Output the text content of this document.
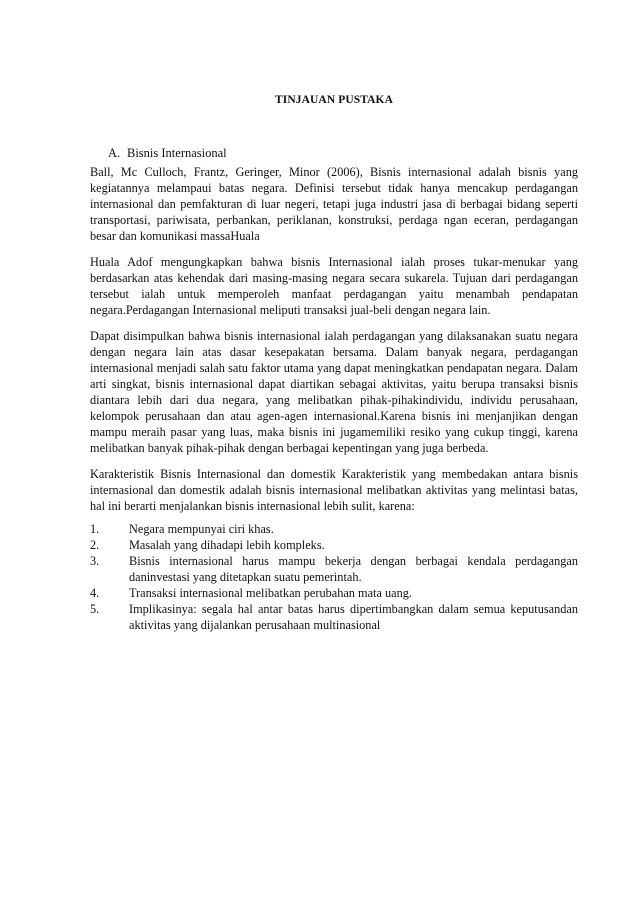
TINJAUAN PUSTAKA
A. Bisnis Internasional

Ball, Mc Culloch, Frantz, Geringer, Minor (2006), Bisnis internasional adalah bisnis yang kegiatannya melampaui batas negara. Definisi tersebut tidak hanya mencakup perdagangan internasional dan pemfakturan di luar negeri, tetapi juga industri jasa di berbagai bidang seperti transportasi, pariwisata, perbankan, periklanan, konstruksi, perdaga ngan eceran, perdagangan besar dan komunikasi massaHuala

Huala Adof mengungkapkan bahwa bisnis Internasional ialah proses tukar-menukar yang berdasarkan atas kehendak dari masing-masing negara secara sukarela. Tujuan dari perdagangan tersebut ialah untuk memperoleh manfaat perdagangan yaitu menambah pendapatan negara.Perdagangan Internasional meliputi transaksi jual-beli dengan negara lain.

Dapat disimpulkan bahwa bisnis internasional ialah perdagangan yang dilaksanakan suatu negara dengan negara lain atas dasar kesepakatan bersama. Dalam banyak negara, perdagangan internasional menjadi salah satu faktor utama yang dapat meningkatkan pendapatan negara. Dalam arti singkat, bisnis internasional dapat diartikan sebagai aktivitas, yaitu berupa transaksi bisnis diantara lebih dari dua negara, yang melibatkan pihak-pihakindividu, individu perusahaan, kelompok perusahaan dan atau agen-agen internasional.Karena bisnis ini menjanjikan dengan mampu meraih pasar yang luas, maka bisnis ini jugamemiliki resiko yang cukup tinggi, karena melibatkan banyak pihak-pihak dengan berbagai kepentingan yang juga berbeda.

Karakteristik Bisnis Internasional dan domestik Karakteristik yang membedakan antara bisnis internasional dan domestik adalah bisnis internasional melibatkan aktivitas yang melintasi batas, hal ini berarti menjalankan bisnis internasional lebih sulit, karena:

1.	Negara mempunyai ciri khas.
2.	Masalah yang dihadapi lebih kompleks.
3.	Bisnis internasional harus mampu bekerja dengan berbagai kendala perdagangan daninvestasi yang ditetapkan suatu pemerintah.
4.	Transaksi internasional melibatkan perubahan mata uang.
5.	Implikasinya: segala hal antar batas harus dipertimbangkan dalam semua keputusandan aktivitas yang dijalankan perusahaan multinasional
